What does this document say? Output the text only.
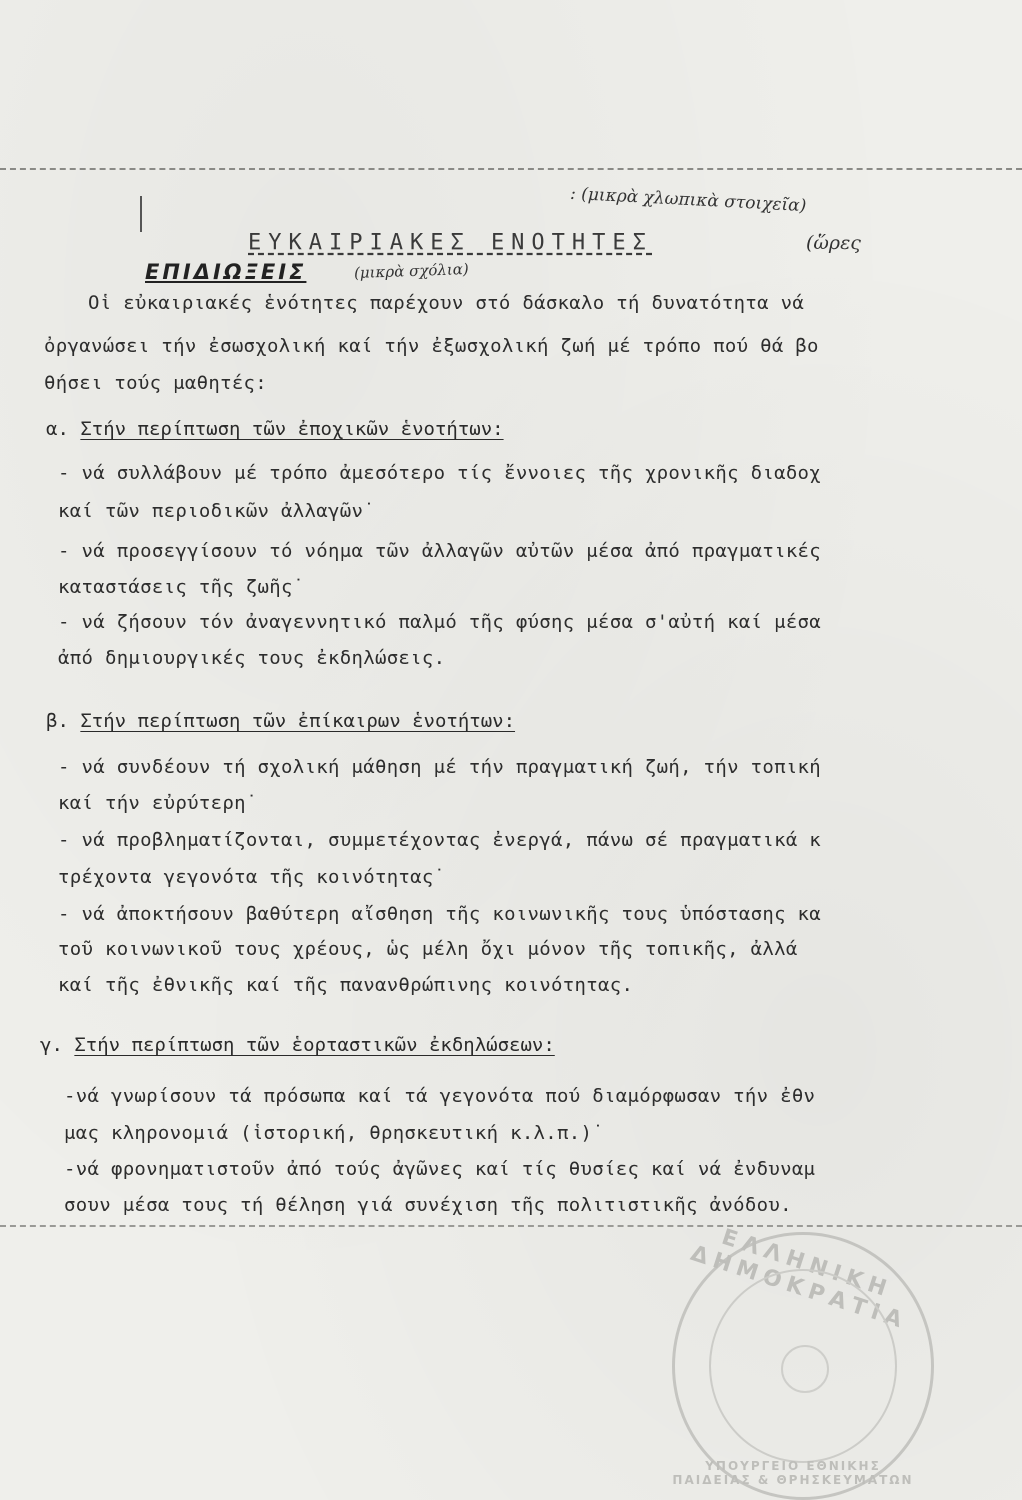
: (μικρὰ χλωπικὰ στοιχεῖα)
ΕΥΚΑΙΡΙΑΚΕΣ ΕΝΟΤΗΤΕΣ	(ὥρες
ΕΠΙΔΙΩΞΕΙΣ	(μικρὰ σχόλια)
Οἱ εὐκαιριακές ἑνότητες παρέχουν στό δάσκαλο τή δυνατότητα νά
ὀργανώσει τήν ἐσωσχολική καί τήν ἐξωσχολική ζωή μέ τρόπο πού θά βο
θήσει τούς μαθητές:
α. Στήν περίπτωση τῶν ἐποχικῶν ἑνοτήτων:
- νά συλλάβουν μέ τρόπο ἀμεσότερο τίς ἔννοιες τῆς χρονικῆς διαδοχ
καί τῶν περιοδικῶν ἀλλαγῶν˙
- νά προσεγγίσουν τό νόημα τῶν ἀλλαγῶν αὐτῶν μέσα ἀπό πραγματικές
καταστάσεις τῆς ζωῆς˙
- νά ζήσουν τόν ἀναγεννητικό παλμό τῆς φύσης μέσα σ'αὐτή καί μέσα
ἀπό δημιουργικές τους ἐκδηλώσεις.
β. Στήν περίπτωση τῶν ἐπίκαιρων ἑνοτήτων:
- νά συνδέουν τή σχολική μάθηση μέ τήν πραγματική ζωή, τήν τοπική
καί τήν εὐρύτερη˙
- νά προβληματίζονται, συμμετέχοντας ἐνεργά, πάνω σέ πραγματικά κ
τρέχοντα γεγονότα τῆς κοινότητας˙
- νά ἀποκτήσουν βαθύτερη αἴσθηση τῆς κοινωνικῆς τους ὑπόστασης κα
τοῦ κοινωνικοῦ τους χρέους, ὡς μέλη ὄχι μόνον τῆς τοπικῆς, ἀλλά
καί τῆς ἐθνικῆς καί τῆς πανανθρώπινης κοινότητας.
γ. Στήν περίπτωση τῶν ἑορταστικῶν ἐκδηλώσεων:
-νά γνωρίσουν τά πρόσωπα καί τά γεγονότα πού διαμόρφωσαν τήν ἐθν
μας κληρονομιά (ἱστορική, θρησκευτική κ.λ.π.)˙
-νά φρονηματιστοῦν ἀπό τούς ἀγῶνες καί τίς θυσίες καί νά ἐνδυναμ
σουν μέσα τους τή θέληση γιά συνέχιση τῆς πολιτιστικῆς ἀνόδου.
ΕΛΛΗΝΙΚΗ ΔΗΜΟΚΡΑΤΙΑ
ΥΠΟΥΡΓΕΙΟ ΕΘΝΙΚΗΣ ΠΑΙΔΕΙΑΣ & ΘΡΗΣΚΕΥΜΑΤΩΝ
